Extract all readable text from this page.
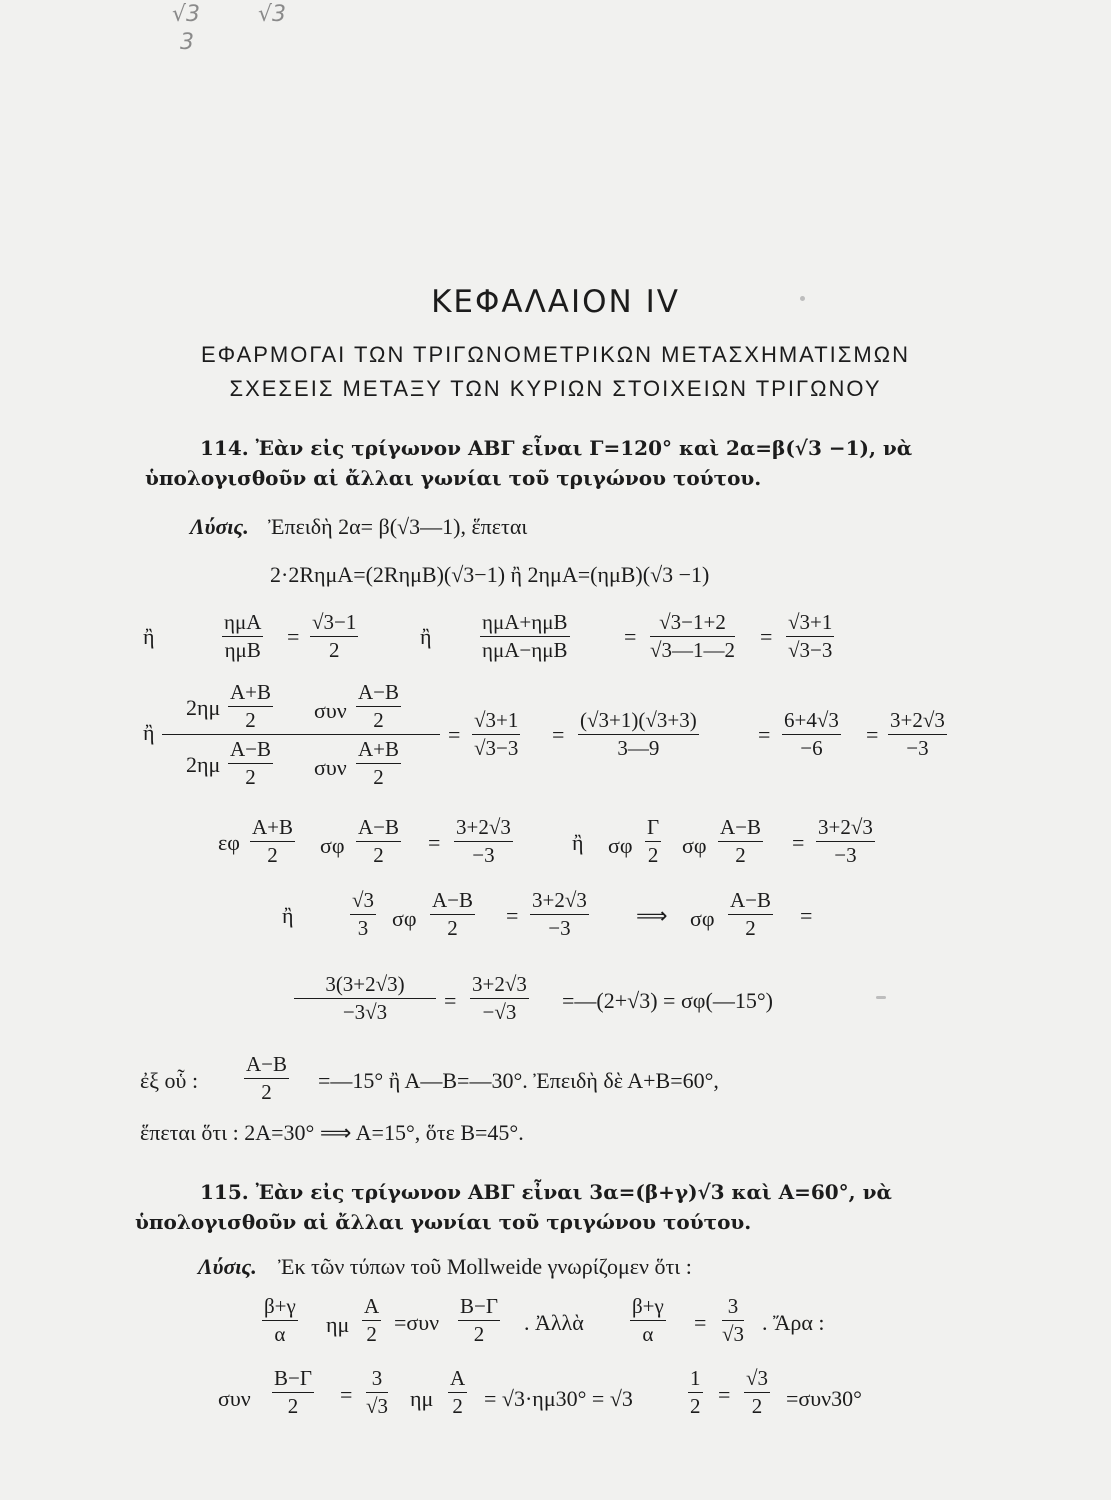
√3
3
√3
ΚΕΦΑΛΑΙΟΝ IV
ΕΦΑΡΜΟΓΑΙ ΤΩΝ ΤΡΙΓΩΝΟΜΕΤΡΙΚΩΝ ΜΕΤΑΣΧΗΜΑΤΙΣΜΩΝ
ΣΧΕΣΕΙΣ ΜΕΤΑΞΥ ΤΩΝ ΚΥΡΙΩΝ ΣΤΟΙΧΕΙΩΝ ΤΡΙΓΩΝΟΥ
114. Ἐὰν εἰς τρίγωνον ΑΒΓ εἶναι Γ=120° καὶ 2α=β(√3 −1), νὰ
ὑπολογισθοῦν αἱ ἄλλαι γωνίαι τοῦ τριγώνου τούτου.
Λύσις. Ἐπειδὴ 2α= β(√3—1), ἕπεται
2·2RημΑ=(2RημΒ)(√3−1) ἢ 2ημΑ=(ημΒ)(√3 −1)
ἢ
ημΑ
ημΒ
= $\frac{√3-1}{2}$	ἢ
ημΑ+ημΒ
ημΑ−ημΒ
= $\frac{√3-1+2}{√3—1—2} = \frac{√3+1}{√3-3}$
ἢ
$2\eta\mu \frac{A+B}{2}$ συν $\frac{A-B}{2}$
$2\eta\mu \frac{A-B}{2}$ συν $\frac{A+B}{2}$
= $\frac{√3+1}{√3-3} = \frac{(√3+1)(√3+3)}{3—9}$	= $\frac{6+4√3}{-6} = \frac{3+2√3}{-3}$
εφ $\frac{A+B}{2}$ σφ $\frac{A-B}{2} = \frac{3+2√3}{-3}$	ἢ σφ $\frac{\Gamma}{2}$ σφ $\frac{A-B}{2} = \frac{3+2√3}{-3}$
ἢ	$\frac{√3}{3}$ σφ $\frac{A-B}{2} = \frac{3+2√3}{-3}$ ⟹ σφ $\frac{A-B}{2}$ =
$\frac{3(3+2√3)}{-3√3} = \frac{3+2√3}{-√3}$ =—(2+√3) = σφ(—15°)
ἐξ οὗ : $\frac{A-B}{2}$ =—15° ἢ Α—Β=—30°. Ἐπειδὴ δὲ Α+Β=60°,
ἕπεται ὅτι : 2Α=30° ⟹ Α=15°, ὅτε Β=45°.
115. Ἐὰν εἰς τρίγωνον ΑΒΓ εἶναι 3α=(β+γ)√3 καὶ Α=60°, νὰ
ὑπολογισθοῦν αἱ ἄλλαι γωνίαι τοῦ τριγώνου τούτου.
Λύσις. Ἐκ τῶν τύπων τοῦ Mollweide γνωρίζομεν ὅτι :
$\frac{\beta+\gamma}{\alpha}$ ημ $\frac{A}{2} =\sigma\upsilon\nu \frac{B-\Gamma}{2}$ . Ἀλλὰ $\frac{\beta+\gamma}{\alpha} = \frac{3}{√3}$ . Ἄρα :
συν $\frac{B-\Gamma}{2} = \frac{3}{√3}$ ημ $\frac{A}{2} = √3\cdot\eta\mu 30^\circ = √3$	$\frac{1}{2} = \frac{√3}{2} =\sigma\upsilon\nu 30^\circ$
